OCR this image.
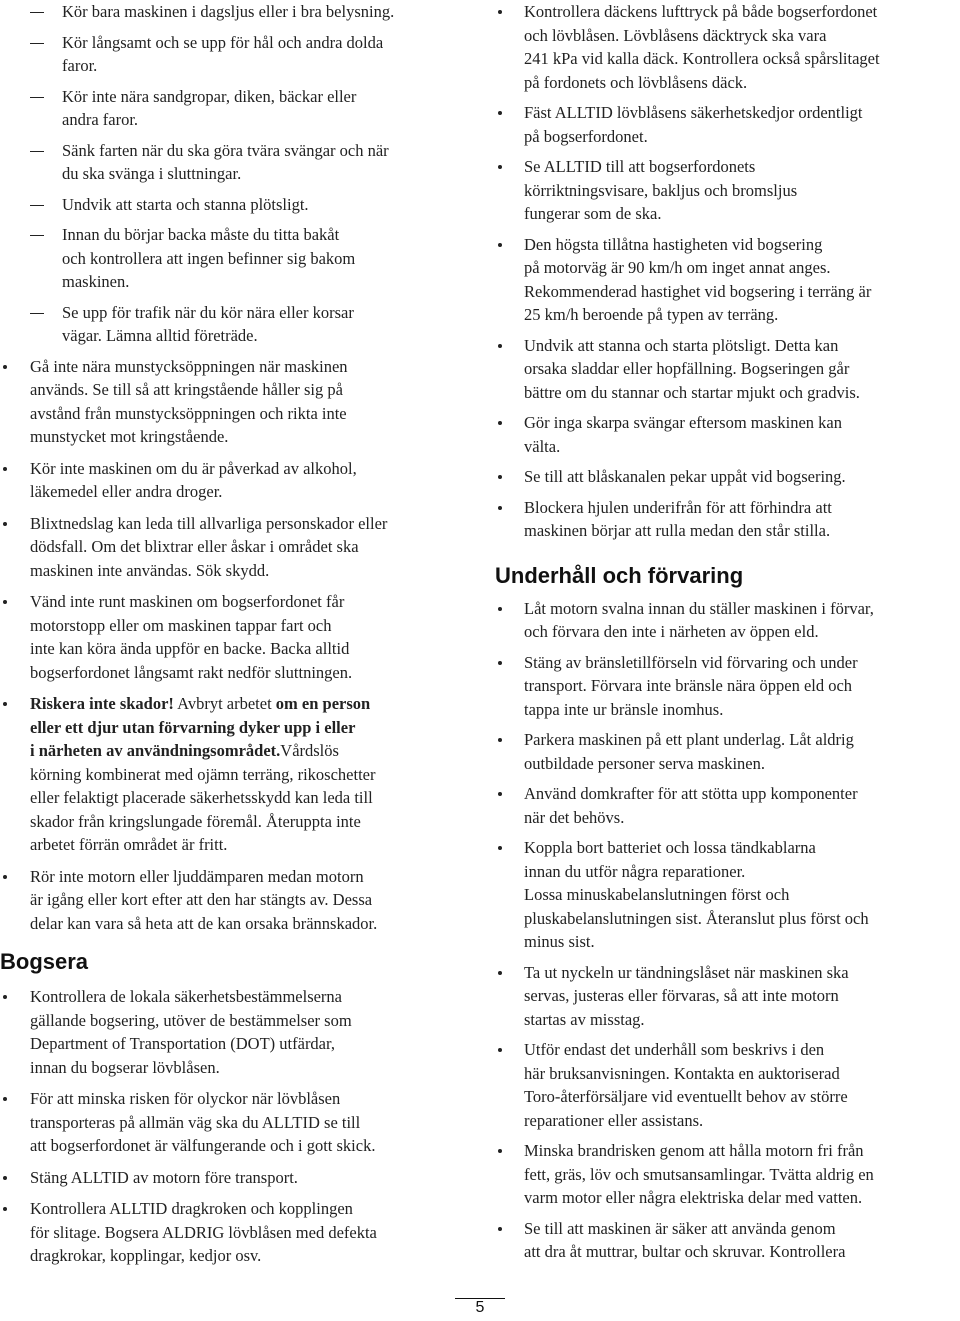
Kör bara maskinen i dagsljus eller i bra belysning.
Kör långsamt och se upp för hål och andra dolda
faror.
Kör inte nära sandgropar, diken, bäckar eller
andra faror.
Sänk farten när du ska göra tvära svängar och när
du ska svänga i sluttningar.
Undvik att starta och stanna plötsligt.
Innan du börjar backa måste du titta bakåt
och kontrollera att ingen befinner sig bakom
maskinen.
Se upp för trafik när du kör nära eller korsar
vägar. Lämna alltid företräde.
Gå inte nära munstycksöppningen när maskinen
används. Se till så att kringstående håller sig på
avstånd från munstycksöppningen och rikta inte
munstycket mot kringstående.
Kör inte maskinen om du är påverkad av alkohol,
läkemedel eller andra droger.
Blixtnedslag kan leda till allvarliga personskador eller
dödsfall. Om det blixtrar eller åskar i området ska
maskinen inte användas. Sök skydd.
Vänd inte runt maskinen om bogserfordonet får
motorstopp eller om maskinen tappar fart och
inte kan köra ända uppför en backe. Backa alltid
bogserfordonet långsamt rakt nedför sluttningen.
Riskera inte skador! Avbryt arbetet om en person
eller ett djur utan förvarning dyker upp i eller
i närheten av användningsområdet.Vårdslös
körning kombinerat med ojämn terräng, rikoschetter
eller felaktigt placerade säkerhetsskydd kan leda till
skador från kringslungade föremål. Återuppta inte
arbetet förrän området är fritt.
Rör inte motorn eller ljuddämparen medan motorn
är igång eller kort efter att den har stängts av. Dessa
delar kan vara så heta att de kan orsaka brännskador.
Bogsera
Kontrollera de lokala säkerhetsbestämmelserna
gällande bogsering, utöver de bestämmelser som
Department of Transportation (DOT) utfärdar,
innan du bogserar lövblåsen.
För att minska risken för olyckor när lövblåsen
transporteras på allmän väg ska du ALLTID se till
att bogserfordonet är välfungerande och i gott skick.
Stäng ALLTID av motorn före transport.
Kontrollera ALLTID dragkroken och kopplingen
för slitage. Bogsera ALDRIG lövblåsen med defekta
dragkrokar, kopplingar, kedjor osv.
Kontrollera däckens lufttryck på både bogserfordonet
och lövblåsen. Lövblåsens däcktryck ska vara
241 kPa vid kalla däck. Kontrollera också spårslitaget
på fordonets och lövblåsens däck.
Fäst ALLTID lövblåsens säkerhetskedjor ordentligt
på bogserfordonet.
Se ALLTID till att bogserfordonets
körriktningsvisare, bakljus och bromsljus
fungerar som de ska.
Den högsta tillåtna hastigheten vid bogsering
på motorväg är 90 km/h om inget annat anges.
Rekommenderad hastighet vid bogsering i terräng är
25 km/h beroende på typen av terräng.
Undvik att stanna och starta plötsligt. Detta kan
orsaka sladdar eller hopfällning. Bogseringen går
bättre om du stannar och startar mjukt och gradvis.
Gör inga skarpa svängar eftersom maskinen kan
välta.
Se till att blåskanalen pekar uppåt vid bogsering.
Blockera hjulen underifrån för att förhindra att
maskinen börjar att rulla medan den står stilla.
Underhåll och förvaring
Låt motorn svalna innan du ställer maskinen i förvar,
och förvara den inte i närheten av öppen eld.
Stäng av bränsletillförseln vid förvaring och under
transport. Förvara inte bränsle nära öppen eld och
tappa inte ur bränsle inomhus.
Parkera maskinen på ett plant underlag. Låt aldrig
outbildade personer serva maskinen.
Använd domkrafter för att stötta upp komponenter
när det behövs.
Koppla bort batteriet och lossa tändkablarna
innan du utför några reparationer.
Lossa minuskabelanslutningen först och
pluskabelanslutningen sist. Återanslut plus först och
minus sist.
Ta ut nyckeln ur tändningslåset när maskinen ska
servas, justeras eller förvaras, så att inte motorn
startas av misstag.
Utför endast det underhåll som beskrivs i den
här bruksanvisningen. Kontakta en auktoriserad
Toro-återförsäljare vid eventuellt behov av större
reparationer eller assistans.
Minska brandrisken genom att hålla motorn fri från
fett, gräs, löv och smutsansamlingar. Tvätta aldrig en
varm motor eller några elektriska delar med vatten.
Se till att maskinen är säker att använda genom
att dra åt muttrar, bultar och skruvar. Kontrollera
5
